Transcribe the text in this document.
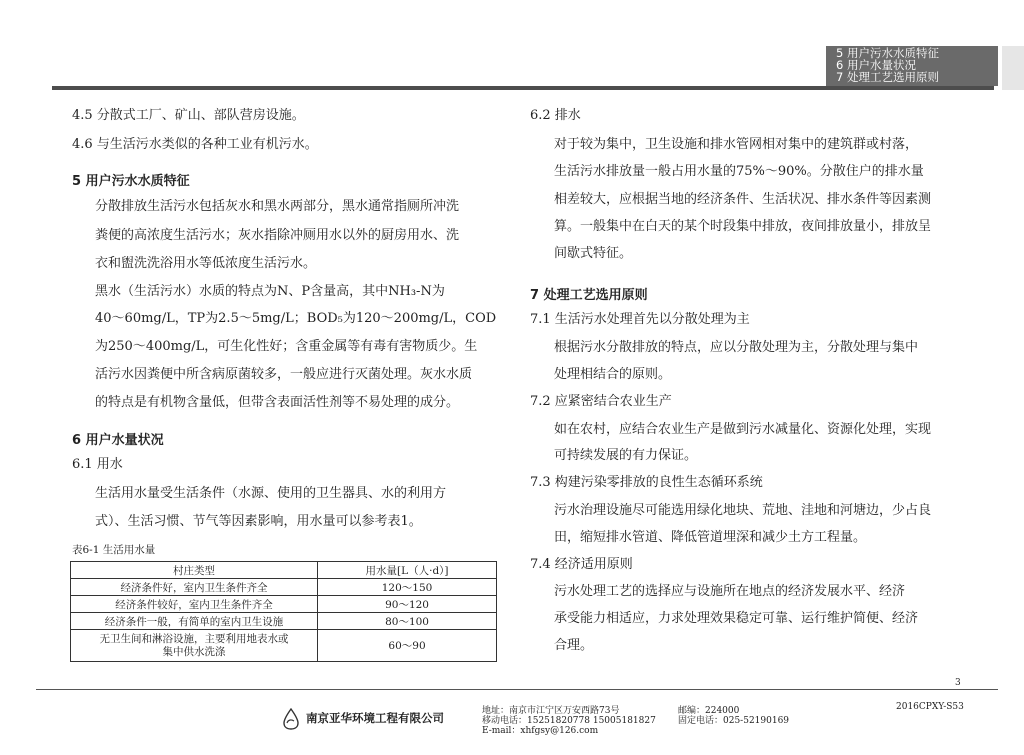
5 用户污水水质特征
6 用户水量状况
7 处理工艺选用原则
4.5 分散式工厂、矿山、部队营房设施。
4.6 与生活污水类似的各种工业有机污水。
5 用户污水水质特征
分散排放生活污水包括灰水和黑水两部分，黑水通常指厕所冲洗
粪便的高浓度生活污水；灰水指除冲厕用水以外的厨房用水、洗
衣和盥洗洗浴用水等低浓度生活污水。
黑水（生活污水）水质的特点为N、P含量高，其中NH₃-N为
40～60mg/L，TP为2.5～5mg/L；BOD₅为120～200mg/L，COD
为250～400mg/L，可生化性好；含重金属等有毒有害物质少。生
活污水因粪便中所含病原菌较多，一般应进行灭菌处理。灰水水质
的特点是有机物含量低，但带含表面活性剂等不易处理的成分。
6 用户水量状况
6.1 用水
生活用水量受生活条件（水源、使用的卫生器具、水的利用方
式）、生活习惯、节气等因素影响，用水量可以参考表1。
表6-1 生活用水量
村庄类型	用水量[L（人·d）]
经济条件好，室内卫生条件齐全	120～150
经济条件较好，室内卫生条件齐全	90～120
经济条件一般，有简单的室内卫生设施	80～100

无卫生间和淋浴设施，主要利用地表水或
集中供水洗涤	60～90
6.2 排水
对于较为集中，卫生设施和排水管网相对集中的建筑群或村落，
生活污水排放量一般占用水量的75%～90%。分散住户的排水量
相差较大，应根据当地的经济条件、生活状况、排水条件等因素测
算。一般集中在白天的某个时段集中排放，夜间排放量小，排放呈
间歇式特征。
7 处理工艺选用原则
7.1 生活污水处理首先以分散处理为主
根据污水分散排放的特点，应以分散处理为主，分散处理与集中
处理相结合的原则。
7.2 应紧密结合农业生产
如在农村，应结合农业生产是做到污水减量化、资源化处理，实现
可持续发展的有力保证。
7.3 构建污染零排放的良性生态循环系统
污水治理设施尽可能选用绿化地块、荒地、洼地和河塘边，少占良
田，缩短排水管道、降低管道埋深和减少土方工程量。
7.4 经济适用原则
污水处理工艺的选择应与设施所在地点的经济发展水平、经济
承受能力相适应，力求处理效果稳定可靠、运行维护简便、经济
合理。
3
南京亚华环境工程有限公司	地址：南京市江宁区万安西路73号
移动电话：15251820778 15005181827
E-mail：xhfgsy@126.com
邮编：224000
固定电话：025-52190169
2016CPXY-S53
